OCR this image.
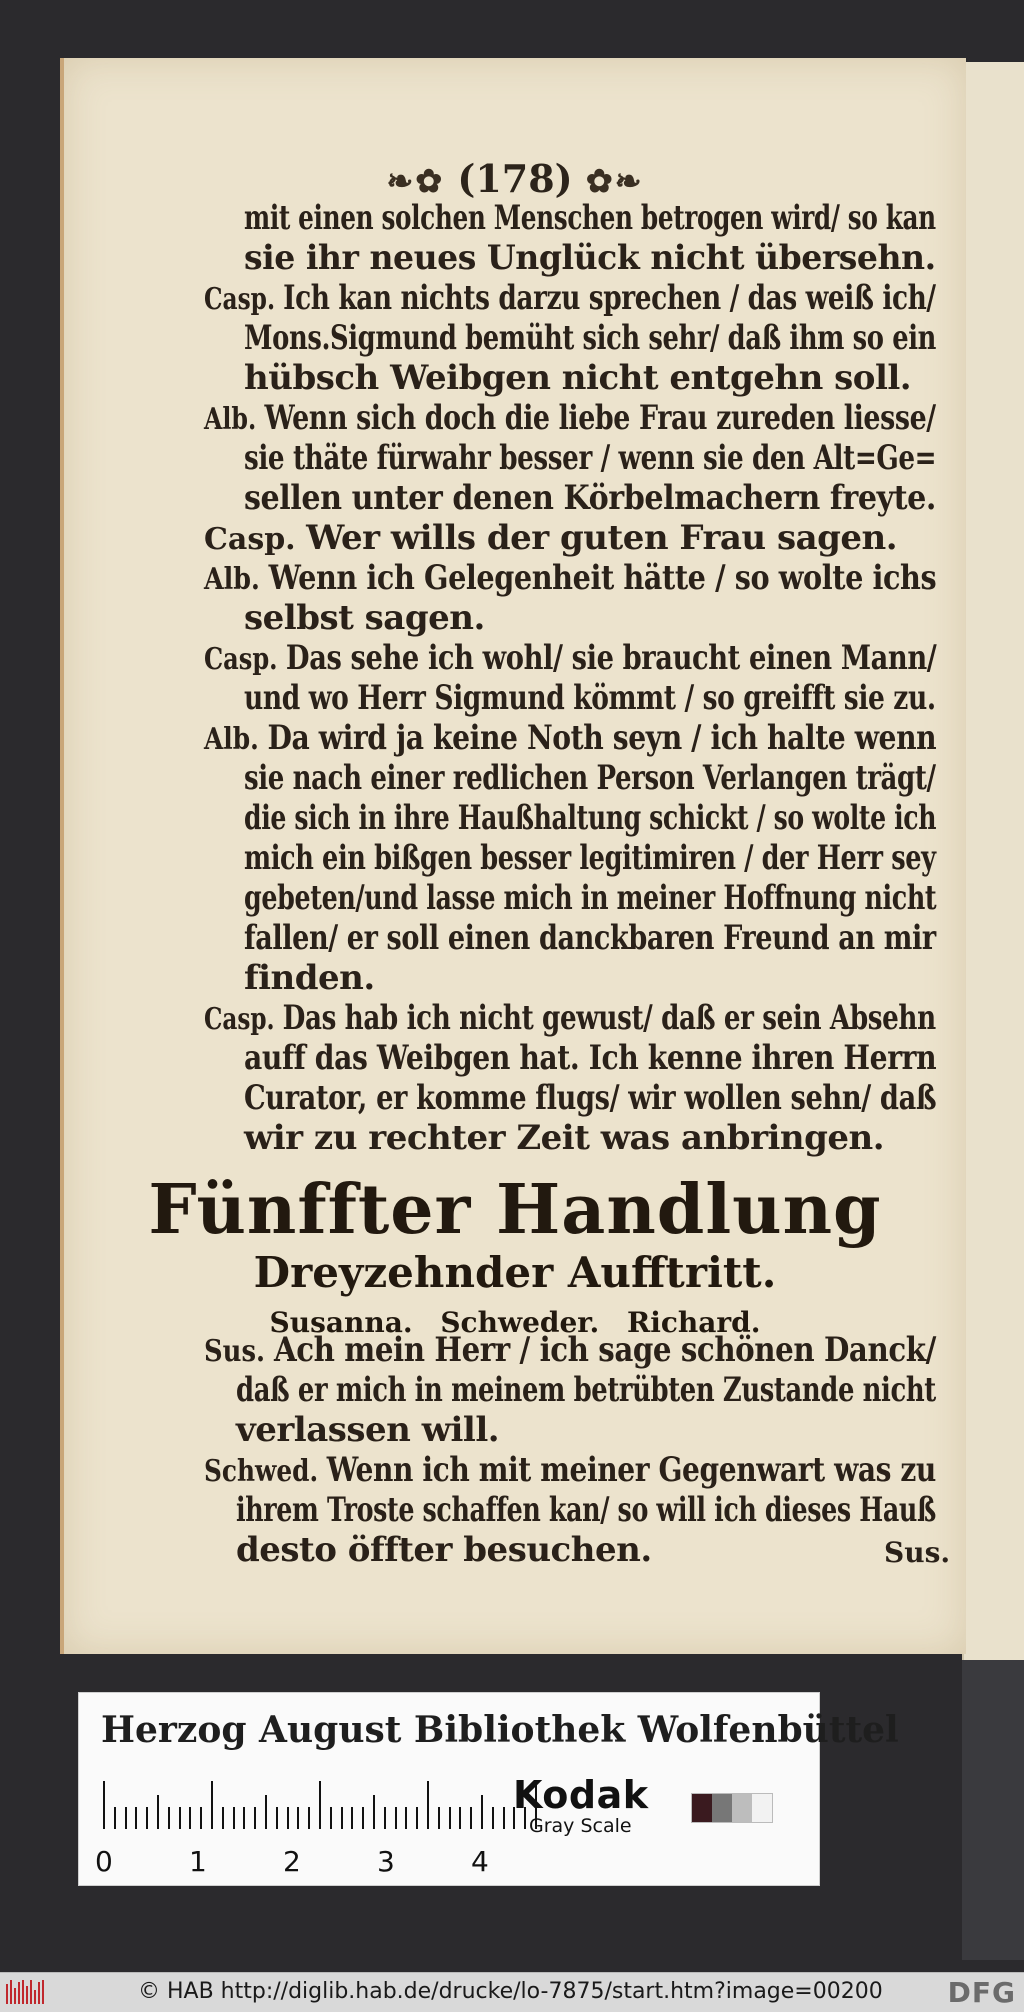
❧✿ (178) ✿❧
mit einen solchen Menschen betrogen wird/ so kan
sie ihr neues Unglück nicht übersehn.
Casp. Ich kan nichts darzu sprechen / das weiß ich/
Mons.Sigmund bemüht sich sehr/ daß ihm so ein
hübsch Weibgen nicht entgehn soll.
Alb. Wenn sich doch die liebe Frau zureden liesse/
sie thäte fürwahr besser / wenn sie den Alt=Ge=
sellen unter denen Körbelmachern freyte.
Casp. Wer wills der guten Frau sagen.
Alb. Wenn ich Gelegenheit hätte / so wolte ichs
selbst sagen.
Casp. Das sehe ich wohl/ sie braucht einen Mann/
und wo Herr Sigmund kömmt / so greifft sie zu.
Alb. Da wird ja keine Noth seyn / ich halte wenn
sie nach einer redlichen Person Verlangen trägt/
die sich in ihre Haußhaltung schickt / so wolte ich
mich ein bißgen besser legitimiren / der Herr sey
gebeten/und lasse mich in meiner Hoffnung nicht
fallen/ er soll einen danckbaren Freund an mir
finden.
Casp. Das hab ich nicht gewust/ daß er sein Absehn
auff das Weibgen hat. Ich kenne ihren Herrn
Curator, er komme flugs/ wir wollen sehn/ daß
wir zu rechter Zeit was anbringen.
Fünffter Handlung
Dreyzehnder Aufftritt.
Susanna. Schweder. Richard.
Sus. Ach mein Herr / ich sage schönen Danck/
daß er mich in meinem betrübten Zustande nicht
verlassen will.
Schwed. Wenn ich mit meiner Gegenwart was zu
ihrem Troste schaffen kan/ so will ich dieses Hauß
desto öffter besuchen.	Sus.
Herzog August Bibliothek Wolfenbüttel
0	1	2	3	4
Kodak
Gray Scale
© HAB http://diglib.hab.de/drucke/lo-7875/start.htm?image=00200 DFG
